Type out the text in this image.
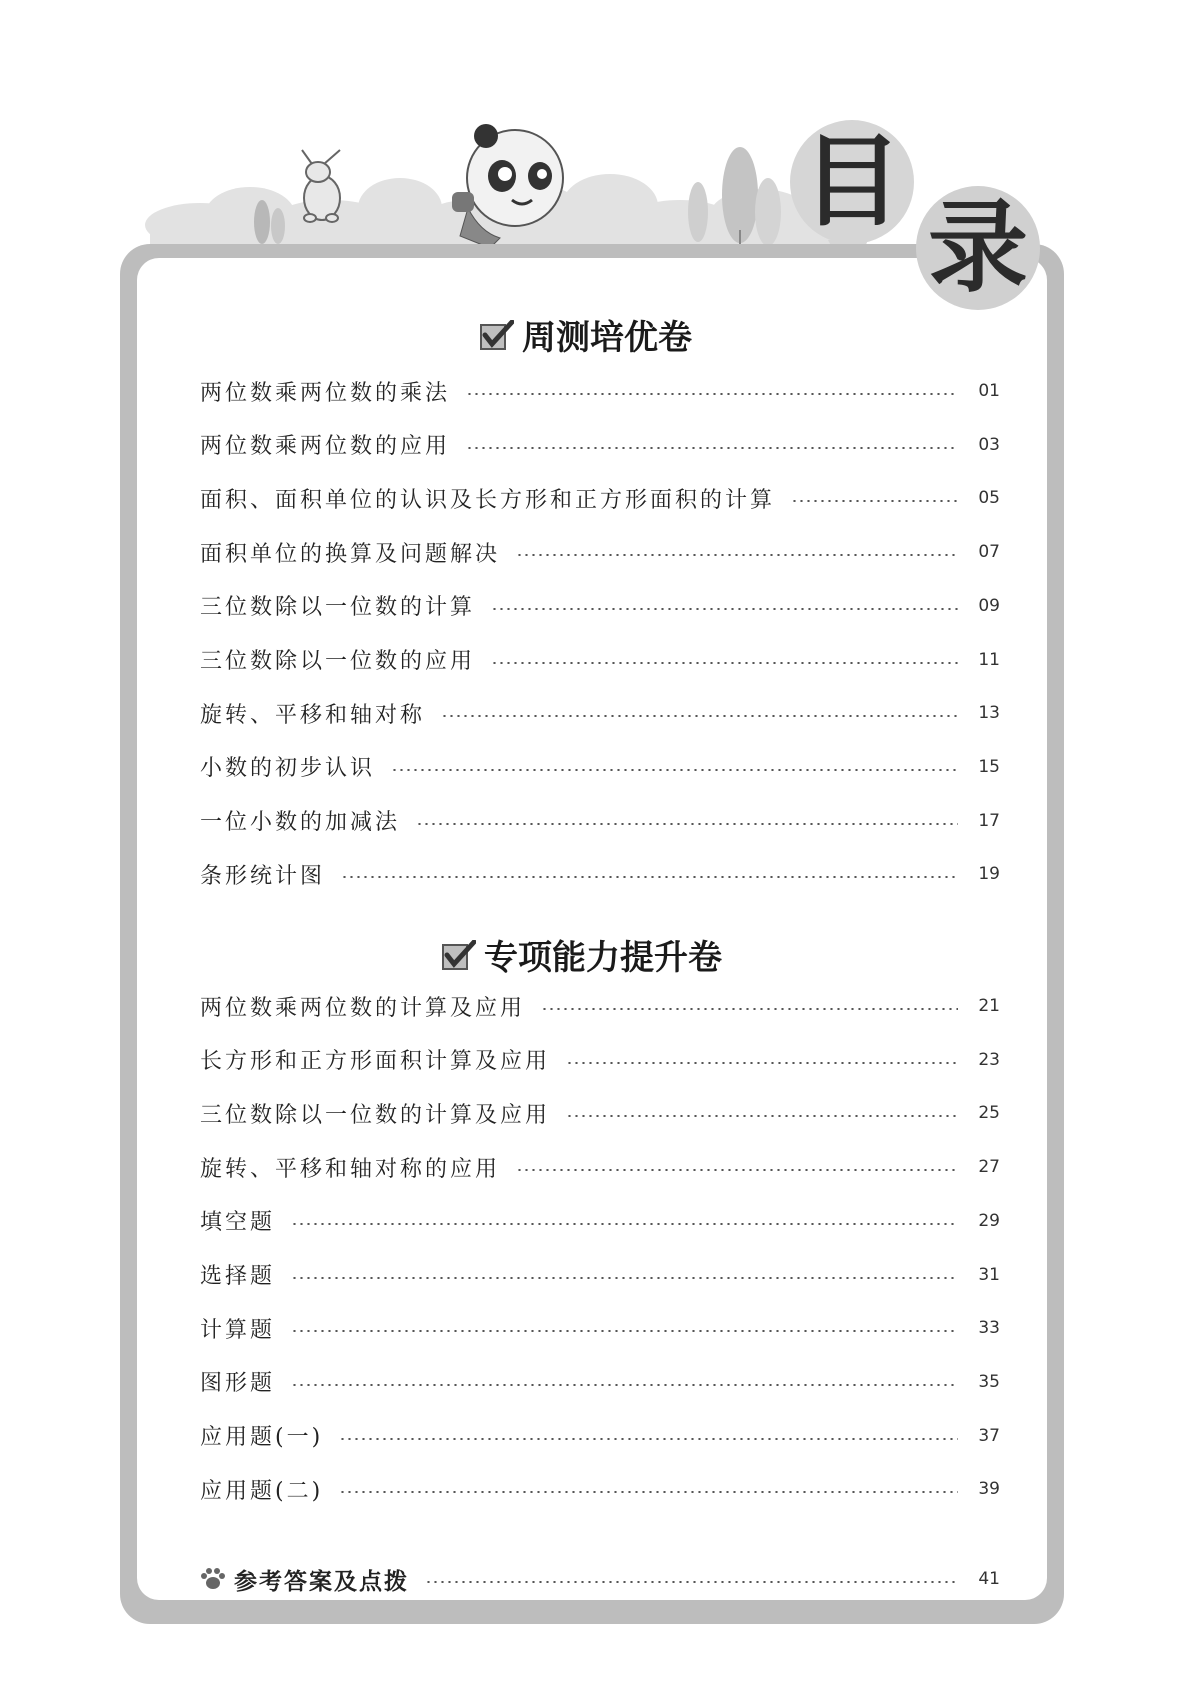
目
录
周测培优卷
两位数乘两位数的乘法	01
两位数乘两位数的应用	03
面积、面积单位的认识及长方形和正方形面积的计算	05
面积单位的换算及问题解决	07
三位数除以一位数的计算	09
三位数除以一位数的应用	11
旋转、平移和轴对称	13
小数的初步认识	15
一位小数的加减法	17
条形统计图	19
专项能力提升卷
两位数乘两位数的计算及应用	21
长方形和正方形面积计算及应用	23
三位数除以一位数的计算及应用	25
旋转、平移和轴对称的应用	27
填空题	29
选择题	31
计算题	33
图形题	35
应用题(一)	37
应用题(二)	39
参考答案及点拨	41
